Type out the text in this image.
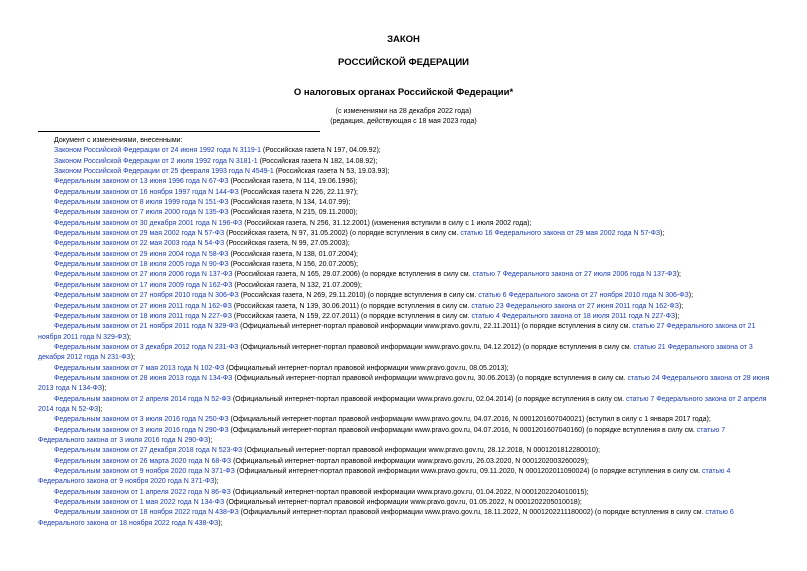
ЗАКОН
РОССИЙСКОЙ ФЕДЕРАЦИИ
О налоговых органах Российской Федерации*
(с изменениями на 28 декабря 2022 года)
(редакция, действующая с 18 мая 2023 года)
Документ с изменениями, внесенными:
Законом Российской Федерации от 24 июня 1992 года N 3119-1 (Российская газета N 197, 04.09.92);
Законом Российской Федерации от 2 июля 1992 года N 3181-1 (Российская газета N 182, 14.08.92);
Законом Российской Федерации от 25 февраля 1993 года N 4549-1 (Российская газета N 53, 19.03.93);
Федеральным законом от 13 июня 1996 года N 67-ФЗ (Российская газета, N 114, 19.06.1996);
Федеральным законом от 16 ноября 1997 года N 144-ФЗ (Российская газета N 226, 22.11.97);
Федеральным законом от 8 июля 1999 года N 151-ФЗ (Российская газета, N 134, 14.07.99);
Федеральным законом от 7 июля 2000 года N 135-ФЗ (Российская газета, N 215, 09.11.2000);
Федеральным законом от 30 декабря 2001 года N 196-ФЗ (Российская газета, N 256, 31.12.2001) (изменения вступили в силу с 1 июля 2002 года);
Федеральным законом от 29 мая 2002 года N 57-ФЗ (Российская газета, N 97, 31.05.2002) (о порядке вступления в силу см. статью 16 Федерального закона от 29 мая 2002 года N 57-ФЗ);
Федеральным законом от 22 мая 2003 года N 54-ФЗ (Российская газета, N 99, 27.05.2003);
Федеральным законом от 29 июня 2004 года N 58-ФЗ (Российская газета, N 138, 01.07.2004);
Федеральным законом от 18 июля 2005 года N 90-ФЗ (Российская газета, N 156, 20.07.2005);
Федеральным законом от 27 июля 2006 года N 137-ФЗ (Российская газета, N 165, 29.07.2006) (о порядке вступления в силу см. статью 7 Федерального закона от 27 июля 2006 года N 137-ФЗ);
Федеральным законом от 17 июля 2009 года N 162-ФЗ (Российская газета, N 132, 21.07.2009);
Федеральным законом от 27 ноября 2010 года N 306-ФЗ (Российская газета, N 269, 29.11.2010) (о порядке вступления в силу см. статью 6 Федерального закона от 27 ноября 2010 года N 306-ФЗ);
Федеральным законом от 27 июня 2011 года N 162-ФЗ (Российская газета, N 139, 30.06.2011) (о порядке вступления в силу см. статью 23 Федерального закона от 27 июня 2011 года N 162-ФЗ);
Федеральным законом от 18 июля 2011 года N 227-ФЗ (Российская газета, N 159, 22.07.2011) (о порядке вступления в силу см. статью 4 Федерального закона от 18 июля 2011 года N 227-ФЗ);
Федеральным законом от 21 ноября 2011 года N 329-ФЗ (Официальный интернет-портал правовой информации www.pravo.gov.ru, 22.11.2011) (о порядке вступления в силу см. статью 27 Федерального закона от 21 ноября 2011 года N 329-ФЗ);
Федеральным законом от 3 декабря 2012 года N 231-ФЗ (Официальный интернет-портал правовой информации www.pravo.gov.ru, 04.12.2012) (о порядке вступления в силу см. статью 21 Федерального закона от 3 декабря 2012 года N 231-ФЗ);
Федеральным законом от 7 мая 2013 года N 102-ФЗ (Официальный интернет-портал правовой информации www.pravo.gov.ru, 08.05.2013);
Федеральным законом от 28 июня 2013 года N 134-ФЗ (Официальный интернет-портал правовой информации www.pravo.gov.ru, 30.06.2013) (о порядке вступления в силу см. статью 24 Федерального закона от 28 июня 2013 года N 134-ФЗ);
Федеральным законом от 2 апреля 2014 года N 52-ФЗ (Официальный интернет-портал правовой информации www.pravo.gov.ru, 02.04.2014) (о порядке вступления в силу см. статью 7 Федерального закона от 2 апреля 2014 года N 52-ФЗ);
Федеральным законом от 3 июля 2016 года N 250-ФЗ (Официальный интернет-портал правовой информации www.pravo.gov.ru, 04.07.2016, N 0001201607040021) (вступил в силу с 1 января 2017 года);
Федеральным законом от 3 июля 2016 года N 290-ФЗ (Официальный интернет-портал правовой информации www.pravo.gov.ru, 04.07.2016, N 0001201607040160) (о порядке вступления в силу см. статью 7 Федерального закона от 3 июля 2016 года N 290-ФЗ);
Федеральным законом от 27 декабря 2018 года N 523-ФЗ (Официальный интернет-портал правовой информации www.pravo.gov.ru, 28.12.2018, N 0001201812280010);
Федеральным законом от 26 марта 2020 года N 68-ФЗ (Официальный интернет-портал правовой информации www.pravo.gov.ru, 26.03.2020, N 0001202003260029);
Федеральным законом от 9 ноября 2020 года N 371-ФЗ (Официальный интернет-портал правовой информации www.pravo.gov.ru, 09.11.2020, N 0001202011090024) (о порядке вступления в силу см. статью 4 Федерального закона от 9 ноября 2020 года N 371-ФЗ);
Федеральным законом от 1 апреля 2022 года N 86-ФЗ (Официальный интернет-портал правовой информации www.pravo.gov.ru, 01.04.2022, N 0001202204010015);
Федеральным законом от 1 мая 2022 года N 134-ФЗ (Официальный интернет-портал правовой информации www.pravo.gov.ru, 01.05.2022, N 0001202205010018);
Федеральным законом от 18 ноября 2022 года N 438-ФЗ (Официальный интернет-портал правовой информации www.pravo.gov.ru, 18.11.2022, N 0001202211180002) (о порядке вступления в силу см. статью 6 Федерального закона от 18 ноября 2022 года N 438-ФЗ);
